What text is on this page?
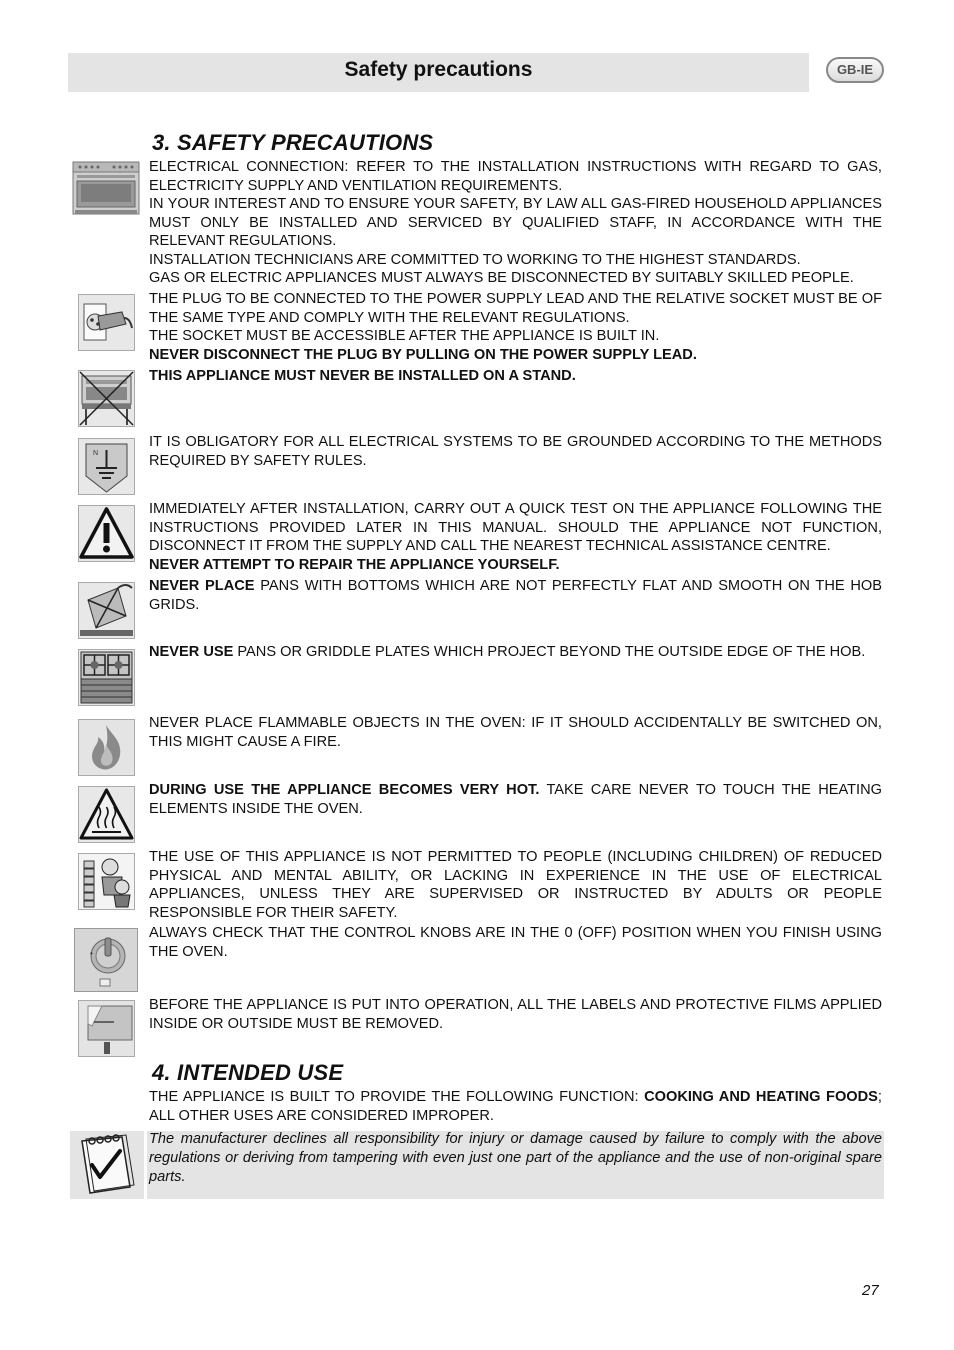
Safety precautions	GB-IE
3. SAFETY PRECAUTIONS

ELECTRICAL CONNECTION: REFER TO THE INSTALLATION INSTRUCTIONS WITH REGARD TO GAS, ELECTRICITY SUPPLY AND VENTILATION REQUIREMENTS.

IN YOUR INTEREST AND TO ENSURE YOUR SAFETY, BY LAW ALL GAS-FIRED HOUSEHOLD APPLIANCES MUST ONLY BE INSTALLED AND SERVICED BY QUALIFIED STAFF, IN ACCORDANCE WITH THE RELEVANT REGULATIONS.

INSTALLATION TECHNICIANS ARE COMMITTED TO WORKING TO THE HIGHEST STANDARDS.

GAS OR ELECTRIC APPLIANCES MUST ALWAYS BE DISCONNECTED BY SUITABLY SKILLED PEOPLE.

THE PLUG TO BE CONNECTED TO THE POWER SUPPLY LEAD AND THE RELATIVE SOCKET MUST BE OF THE SAME TYPE AND COMPLY WITH THE RELEVANT REGULATIONS.

THE SOCKET MUST BE ACCESSIBLE AFTER THE APPLIANCE IS BUILT IN.

NEVER DISCONNECT THE PLUG BY PULLING ON THE POWER SUPPLY LEAD.

THIS APPLIANCE MUST NEVER BE INSTALLED ON A STAND.

N

IT IS OBLIGATORY FOR ALL ELECTRICAL SYSTEMS TO BE GROUNDED ACCORDING TO THE METHODS REQUIRED BY SAFETY RULES.

IMMEDIATELY AFTER INSTALLATION, CARRY OUT A QUICK TEST ON THE APPLIANCE FOLLOWING THE INSTRUCTIONS PROVIDED LATER IN THIS MANUAL. SHOULD THE APPLIANCE NOT FUNCTION, DISCONNECT IT FROM THE SUPPLY AND CALL THE NEAREST TECHNICAL ASSISTANCE CENTRE.

NEVER ATTEMPT TO REPAIR THE APPLIANCE YOURSELF.

NEVER PLACE PANS WITH BOTTOMS WHICH ARE NOT PERFECTLY FLAT AND SMOOTH ON THE HOB GRIDS.

NEVER USE PANS OR GRIDDLE PLATES WHICH PROJECT BEYOND THE OUTSIDE EDGE OF THE HOB.

NEVER PLACE FLAMMABLE OBJECTS IN THE OVEN: IF IT SHOULD ACCIDENTALLY BE SWITCHED ON, THIS MIGHT CAUSE A FIRE.

DURING USE THE APPLIANCE BECOMES VERY HOT. TAKE CARE NEVER TO TOUCH THE HEATING ELEMENTS INSIDE THE OVEN.

THE USE OF THIS APPLIANCE IS NOT PERMITTED TO PEOPLE (INCLUDING CHILDREN) OF REDUCED PHYSICAL AND MENTAL ABILITY, OR LACKING IN EXPERIENCE IN THE USE OF ELECTRICAL APPLIANCES, UNLESS THEY ARE SUPERVISED OR INSTRUCTED BY ADULTS OR PEOPLE RESPONSIBLE FOR THEIR SAFETY.

•

ALWAYS CHECK THAT THE CONTROL KNOBS ARE IN THE 0 (OFF) POSITION WHEN YOU FINISH USING THE OVEN.

BEFORE THE APPLIANCE IS PUT INTO OPERATION, ALL THE LABELS AND PROTECTIVE FILMS APPLIED INSIDE OR OUTSIDE MUST BE REMOVED.

4. INTENDED USE

THE APPLIANCE IS BUILT TO PROVIDE THE FOLLOWING FUNCTION: COOKING AND HEATING FOODS; ALL OTHER USES ARE CONSIDERED IMPROPER.

The manufacturer declines all responsibility for injury or damage caused by failure to comply with the above regulations or deriving from tampering with even just one part of the appliance and the use of non-original spare parts.
27
